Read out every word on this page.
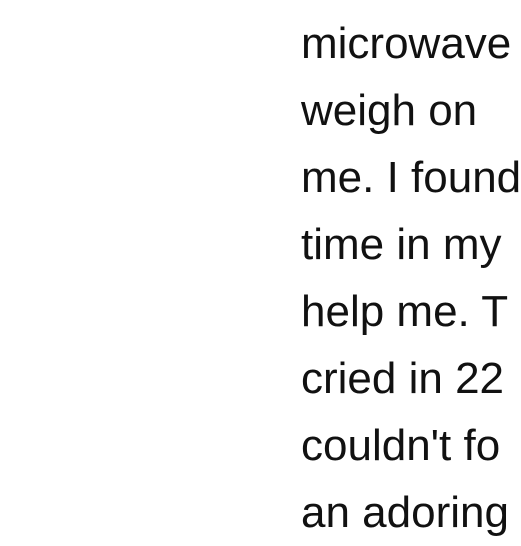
microwave
weigh on
me. I found
time in my
help me. T
cried in 22
couldn't fo
an adoring
